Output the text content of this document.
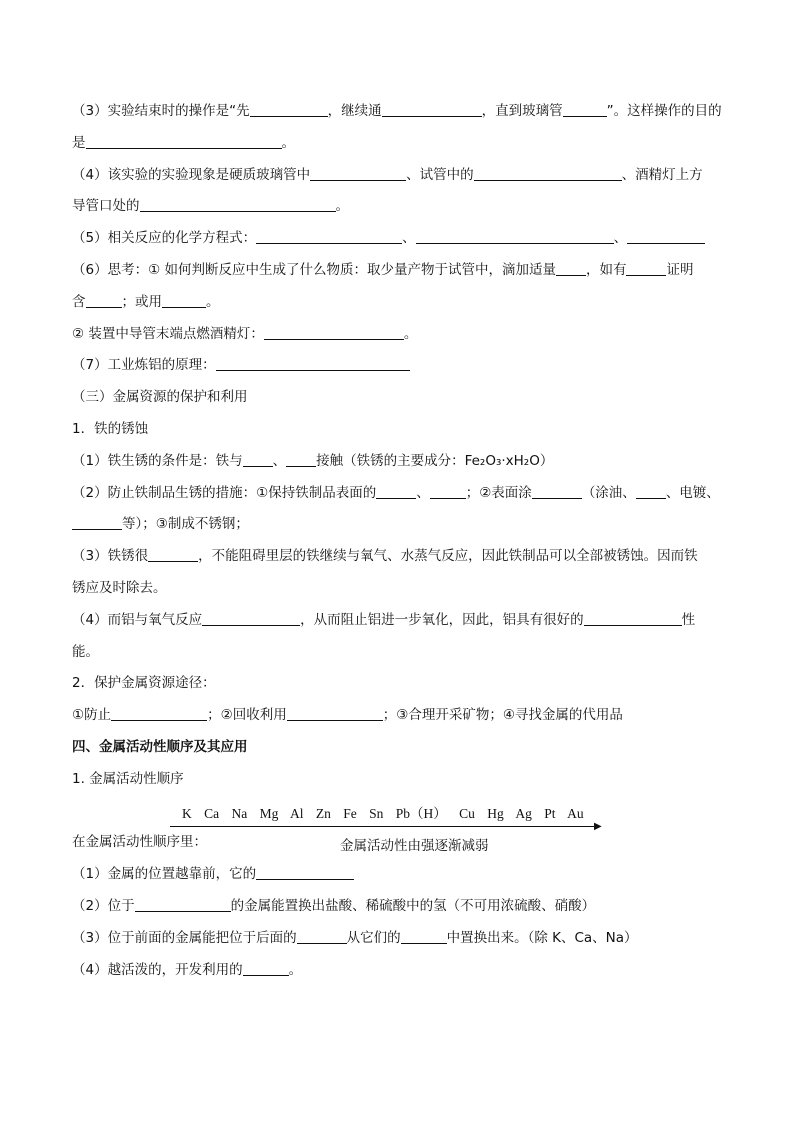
（3）实验结束时的操作是“先	，继续通	，直到玻璃管	”。这样操作的目的
是	。
（4）该实验的实验现象是硬质玻璃管中	、试管中的	、酒精灯上方
导管口处的	。
（5）相关反应的化学方程式：	、	、
（6）思考：① 如何判断反应中生成了什么物质：取少量产物于试管中，滴加适量 ，如有	证明
含	；或用	。
② 装置中导管末端点燃酒精灯：	。
（7）工业炼铝的原理：
（三）金属资源的保护和利用
1．铁的锈蚀
（1）铁生锈的条件是：铁与 、 接触（铁锈的主要成分：Fe₂O₃·xH₂O）
（2）防止铁制品生锈的措施：①保持铁制品表面的	、	；②表面涂	（涂油、 、电镀、
等）；③制成不锈钢；
（3）铁锈很	，不能阻碍里层的铁继续与氧气、水蒸气反应，因此铁制品可以全部被锈蚀。因而铁
锈应及时除去。
（4）而铝与氧气反应	，从而阻止铝进一步氧化，因此，铝具有很好的	性
能。
2．保护金属资源途径：
①防止	；②回收利用	；③合理开采矿物；④寻找金属的代用品
四、金属活动性顺序及其应用
1. 金属活动性顺序
在金属活动性顺序里：
（1）金属的位置越靠前，它的
（2）位于	的金属能置换出盐酸、稀硫酸中的氢（不可用浓硫酸、硝酸）
（3）位于前面的金属能把位于后面的	从它们的	中置换出来。（除 K、Ca、Na）
（4）越活泼的，开发利用的	。
K Ca Na Mg Al Zn Fe Sn Pb（H） Cu Hg Ag Pt Au
▶
金属活动性由强逐渐减弱
